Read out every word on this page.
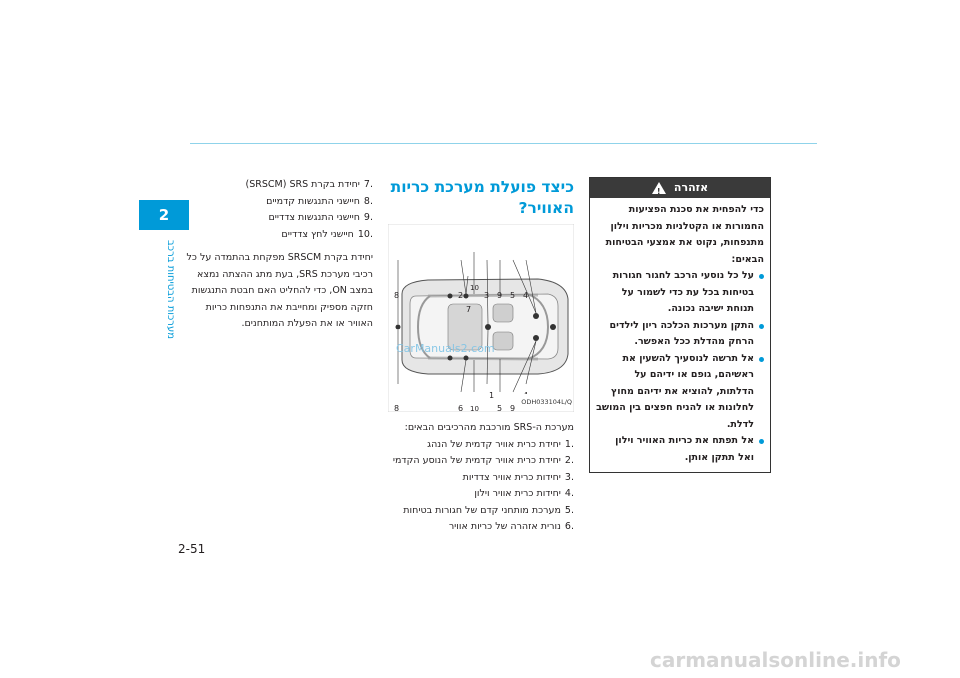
2
מערכות הבטיחות ברכב
.7
יחידת בקרת SRS ‏(SRSCM)
.8
חיישני התנגשות קדמיים
.9
חיישני התנגשות צדדיים
.10
חיישני לחץ צדדיים

יחידת בקרת SRSCM מפקחת בהתמדה על כל רכיבי מערכת SRS, בעת מתג ההצתה נמצא במצב ON, כדי להחליט האם חבטת התנגשות חזקה מספיק ומחייבת את התנפחות כריות האוויר או את הפעלת המותחנים.

כיצד פועלת מערכת כריות האוויר?
8	2
10
7
3 9 5 4
8	6 10
1
5 9
ODH033104L/Q

מערכת ה-SRS מורכבת מהרכיבים הבאים:

.1
יחידת כרית אוויר קדמית של הנהג
.2
יחידת כרית אוויר קדמית של הנוסע הקדמי
.3
יחידות כרית אוויר צדדיות
.4
יחידות כרית אוויר וילון
.5
מערכת מותחני קדם של חגורות בטיחות
.6
נורית אזהרה של כריות אוויר
CarManuals2.com
אזהרה
!

כדי להפחית את סכנת הפציעות החמורות או הקטלניות מכריות וילון מתנפחות, נקוט את אמצעי הבטיחות הבאים:

על כל נוסעי הרכב לחגור חגורות בטיחות בכל עת כדי לשמור על תנוחת ישיבה נכונה.
התקן מערכות הכלכה ריון לילדים הרחק מהדלת ככל האפשר.
אל תרשה לנוסעיך להשעין את ראשיהם, גופם או ידיהם על הדלתות, להוציא את ידיהם מחוץ לחלונות או להניח חפצים בין המושב לדלת.
אל תפתח את כריות האוויר וילון ואל תתקן אותן.
2-51
carmanualsonline.info
